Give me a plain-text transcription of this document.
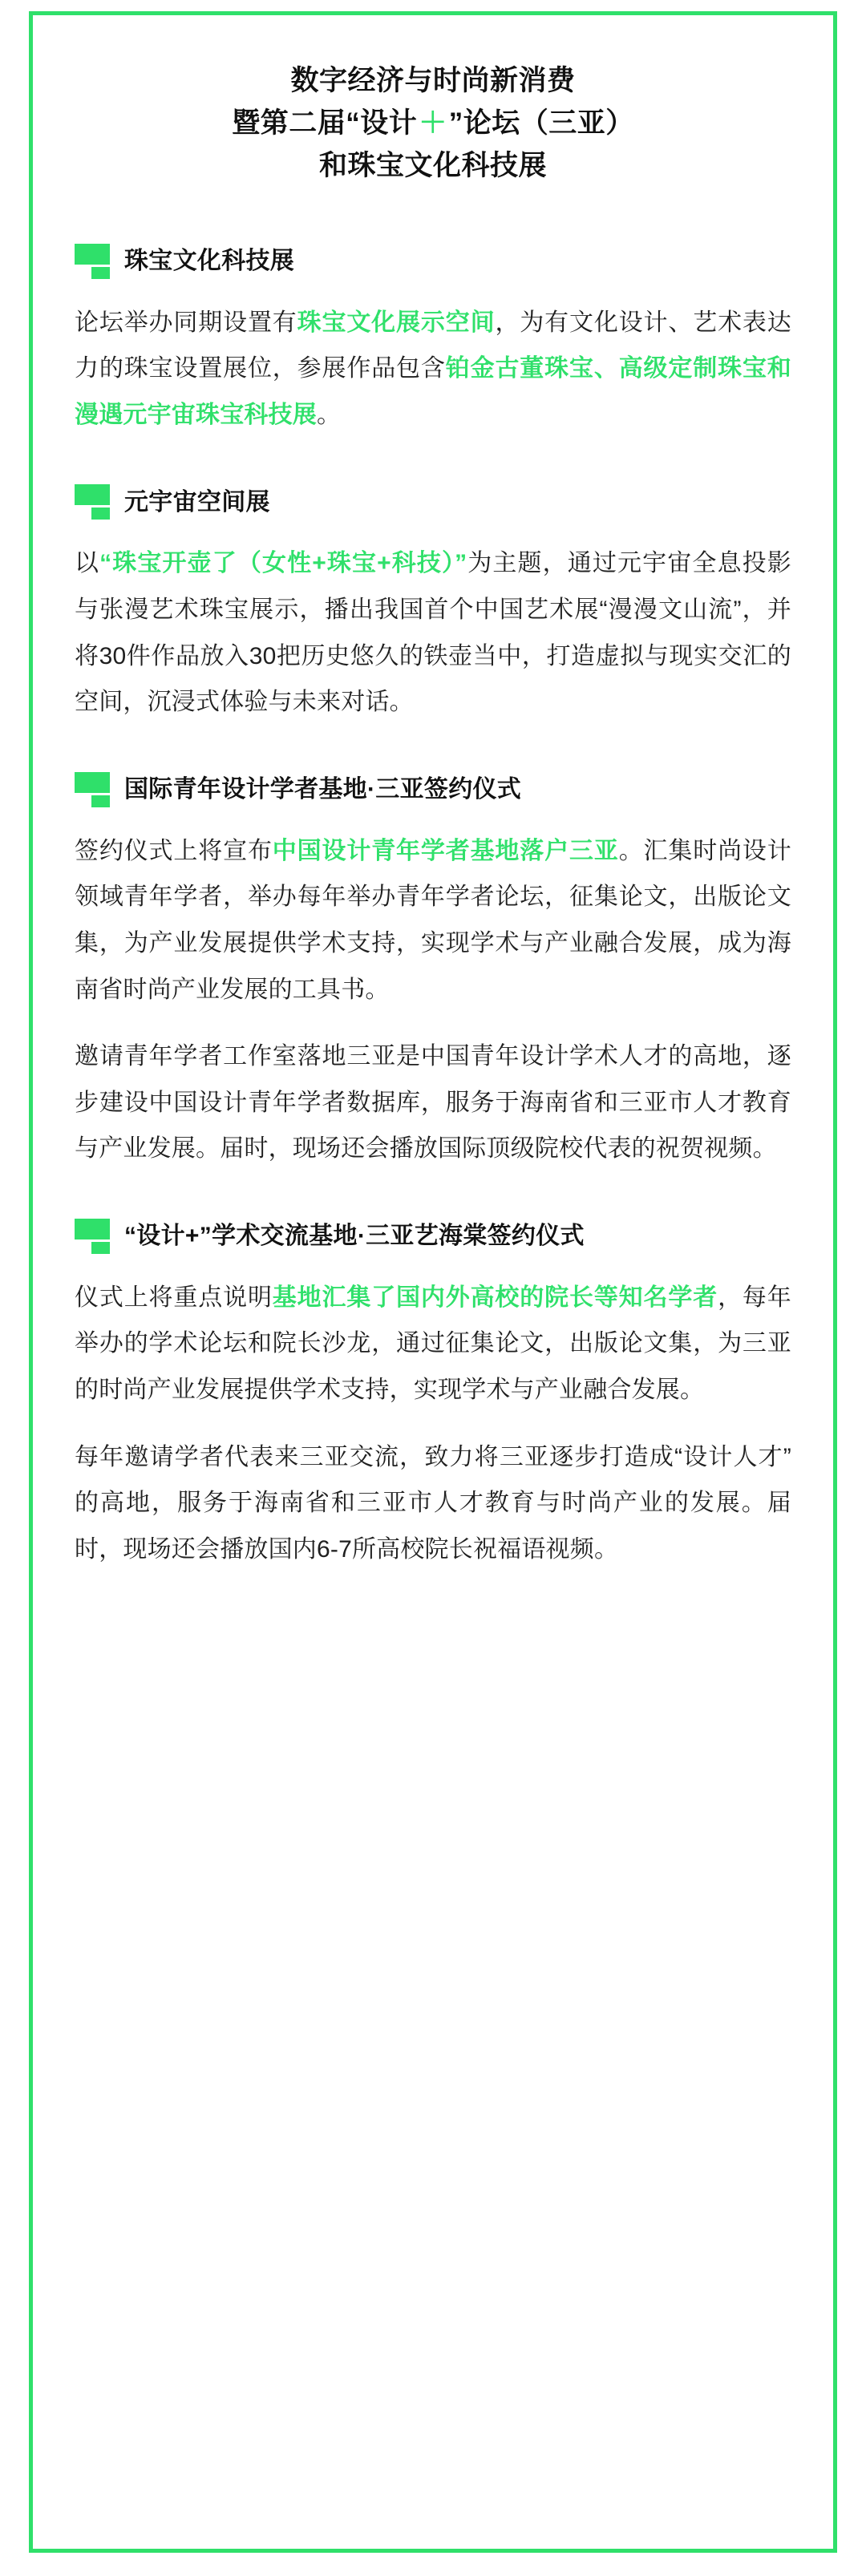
数字经济与时尚新消费
暨第二届“设计＋”论坛（三亚）
和珠宝文化科技展
珠宝文化科技展

论坛举办同期设置有珠宝文化展示空间，为有文化设计、艺术表达力的珠宝设置展位，参展作品包含铂金古董珠宝、高级定制珠宝和漫遇元宇宙珠宝科技展。

元宇宙空间展

以“珠宝开壶了（女性+珠宝+科技）”为主题，通过元宇宙全息投影与张漫艺术珠宝展示，播出我国首个中国艺术展“漫漫文山流”，并将30件作品放入30把历史悠久的铁壶当中，打造虚拟与现实交汇的空间，沉浸式体验与未来对话。

国际青年设计学者基地·三亚签约仪式

签约仪式上将宣布中国设计青年学者基地落户三亚。汇集时尚设计领域青年学者，举办每年举办青年学者论坛，征集论文，出版论文集，为产业发展提供学术支持，实现学术与产业融合发展，成为海南省时尚产业发展的工具书。

邀请青年学者工作室落地三亚是中国青年设计学术人才的高地，逐步建设中国设计青年学者数据库，服务于海南省和三亚市人才教育与产业发展。届时，现场还会播放国际顶级院校代表的祝贺视频。

“设计+”学术交流基地·三亚艺海棠签约仪式

仪式上将重点说明基地汇集了国内外高校的院长等知名学者，每年举办的学术论坛和院长沙龙，通过征集论文，出版论文集，为三亚的时尚产业发展提供学术支持，实现学术与产业融合发展。

每年邀请学者代表来三亚交流，致力将三亚逐步打造成“设计人才”的高地，服务于海南省和三亚市人才教育与时尚产业的发展。届时，现场还会播放国内6-7所高校院长祝福语视频。
